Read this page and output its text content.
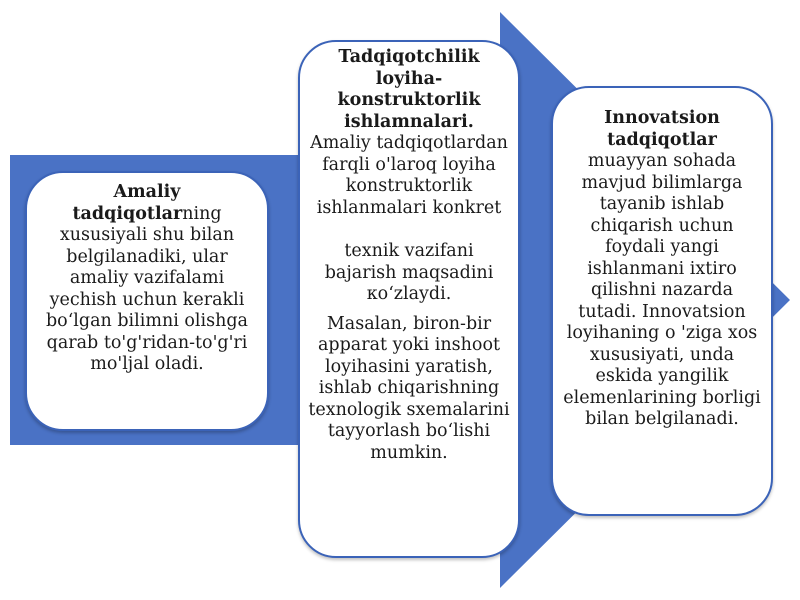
Amaliy tadqiqotlarning xususiyali shu bilan belgilanadiki, ular amaliy vazifalami yechish uchun kerakli bo‘lgan bilimni olishga qarab to'g'ridan-to'g'ri mo'ljal oladi.
Tadqiqotchilik loyiha-konstruktorlik ishlamnalari.
Amaliy tadqiqotlardan farqli o'laroq loyiha konstruktorlik ishlanmalari konkret
texnik vazifani bajarish maqsadini кo‘zlaydi.
Masalan, biron-bir apparat yoki inshoot loyihasini yaratish, ishlab chiqarishning texnologik sxemalarini tayyorlash bo‘lishi mumkin.
Innovatsion tadqiqotlar
muayyan sohada mavjud bilimlarga tayanib ishlab chiqarish uchun foydali yangi ishlanmani ixtiro qilishni nazarda tutadi. Innovatsion loyihaning o 'ziga xos xususiyati, unda eskida yangilik elemenlarining borligi bilan belgilanadi.
